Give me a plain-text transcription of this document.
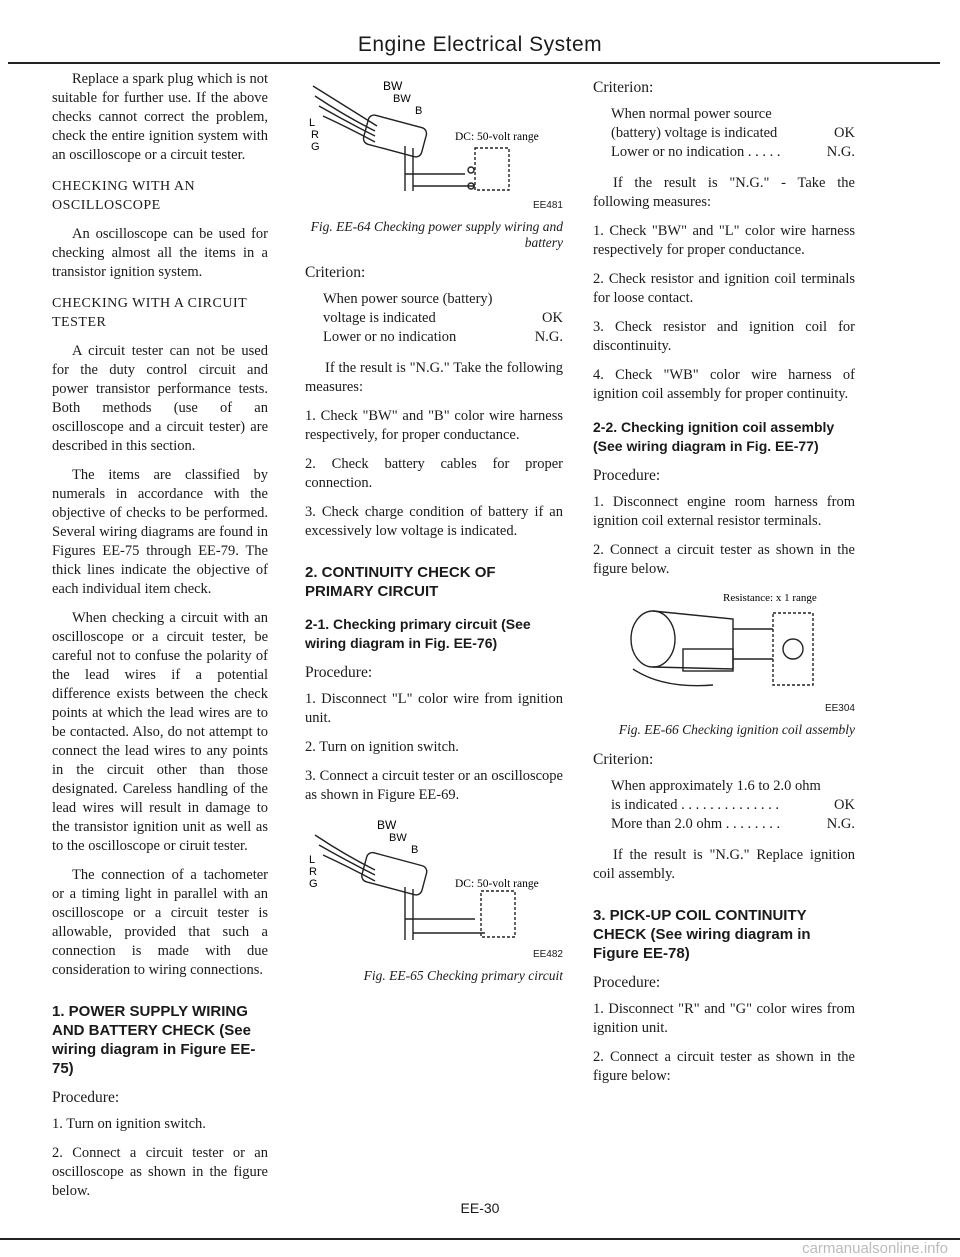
Engine Electrical System

Replace a spark plug which is not suitable for further use. If the above checks cannot correct the problem, check the entire ignition system with an oscilloscope or a circuit tester.

CHECKING WITH AN OSCILLOSCOPE

An oscilloscope can be used for checking almost all the items in a transistor ignition system.

CHECKING WITH A CIRCUIT TESTER

A circuit tester can not be used for the duty control circuit and power transistor performance tests. Both methods (use of an oscilloscope and a circuit tester) are described in this section.

The items are classified by numerals in accordance with the objective of checks to be performed. Several wiring diagrams are found in Figures EE-75 through EE-79. The thick lines indicate the objective of each individual item check.

When checking a circuit with an oscilloscope or a circuit tester, be careful not to confuse the polarity of the lead wires if a potential difference exists between the check points at which the lead wires are to be contacted. Also, do not attempt to connect the lead wires to any points in the circuit other than those designated. Careless handling of the lead wires will result in damage to the transistor ignition unit as well as to the oscilloscope or ciruit tester.

The connection of a tachometer or a timing light in parallel with an oscilloscope or a circuit tester is allowable, provided that such a connection is made with due consideration to wiring connections.

1. POWER SUPPLY WIRING AND BATTERY CHECK (See wiring diagram in Figure EE-75)
Procedure:

1. Turn on ignition switch.

2. Connect a circuit tester or an oscilloscope as shown in the figure below.

BW
BW
B
L
R
G
DC: 50-volt range
EE481
Fig. EE-64 Checking power supply wiring and battery
Criterion:
When power source (battery)
voltage is indicated	OK
Lower or no indication	N.G.

If the result is "N.G." Take the following measures:

1. Check "BW" and "B" color wire harness respectively, for proper conductance.

2. Check battery cables for proper connection.

3. Check charge condition of battery if an excessively low voltage is indicated.

2. CONTINUITY CHECK OF PRIMARY CIRCUIT
2-1. Checking primary circuit (See wiring diagram in Fig. EE-76)
Procedure:

1. Disconnect "L" color wire from ignition unit.

2. Turn on ignition switch.

3. Connect a circuit tester or an oscilloscope as shown in Figure EE-69.

BW
BW
B
L
R
G	DC: 50-volt range
EE482
Fig. EE-65 Checking primary circuit
Criterion:
When normal power source
(battery) voltage is indicated	OK
Lower or no indication . . . . .	N.G.

If the result is "N.G." - Take the following measures:

1. Check "BW" and "L" color wire harness respectively for proper conductance.

2. Check resistor and ignition coil terminals for loose contact.

3. Check resistor and ignition coil for discontinuity.

4. Check "WB" color wire harness of ignition coil assembly for proper continuity.

2-2. Checking ignition coil assembly (See wiring diagram in Fig. EE-77)
Procedure:

1. Disconnect engine room harness from ignition coil external resistor terminals.

2. Connect a circuit tester as shown in the figure below.

Resistance: x 1 range
EE304
Fig. EE-66 Checking ignition coil assembly
Criterion:
When approximately 1.6 to 2.0 ohm
is indicated . . . . . . . . . . . . . .	OK
More than 2.0 ohm . . . . . . . .	N.G.

If the result is "N.G." Replace ignition coil assembly.

3. PICK-UP COIL CONTINUITY CHECK (See wiring diagram in Figure EE-78)
Procedure:

1. Disconnect "R" and "G" color wires from ignition unit.

2. Connect a circuit tester as shown in the figure below:

EE-30
carmanualsonline.info
